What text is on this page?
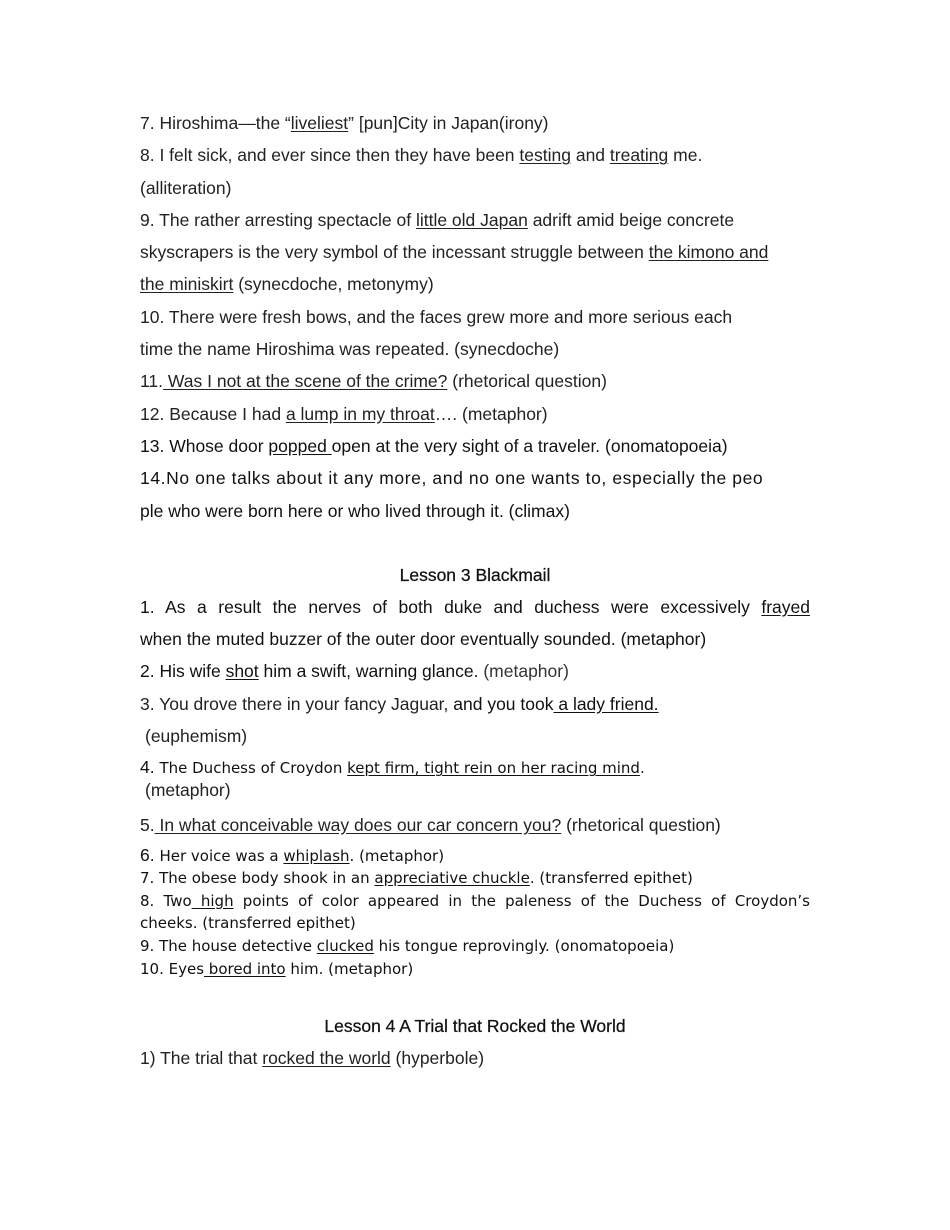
7. Hiroshima—the “liveliest” [pun]City in Japan(irony)
8. I felt sick, and ever since then they have been testing and treating me.
(alliteration)
9. The rather arresting spectacle of little old Japan adrift amid beige concrete
skyscrapers is the very symbol of the incessant struggle between the kimono and
the miniskirt (synecdoche, metonymy)
10. There were fresh bows, and the faces grew more and more serious each
time the name Hiroshima was repeated. (synecdoche)
11. Was I not at the scene of the crime? (rhetorical question)
12. Because I had a lump in my throat…. (metaphor)
13. Whose door popped open at the very sight of a traveler. (onomatopoeia)
14.No one talks about it any more, and no one wants to, especially the peo
ple who were born here or who lived through it. (climax)
Lesson 3 Blackmail
1. As a result the nerves of both duke and duchess were excessively frayed
when the muted buzzer of the outer door eventually sounded. (metaphor)
2. His wife shot him a swift, warning glance. (metaphor)
3. You drove there in your fancy Jaguar, and you took a lady friend.
(euphemism)
4. The Duchess of Croydon kept firm, tight rein on her racing mind.
(metaphor)
5. In what conceivable way does our car concern you? (rhetorical question)
6. Her voice was a whiplash. (metaphor)
7. The obese body shook in an appreciative chuckle. (transferred epithet)
8. Two high points of color appeared in the paleness of the Duchess of Croydon’s
cheeks. (transferred epithet)
9. The house detective clucked his tongue reprovingly. (onomatopoeia)
10. Eyes bored into him. (metaphor)
Lesson 4 A Trial that Rocked the World
1) The trial that rocked the world (hyperbole)
